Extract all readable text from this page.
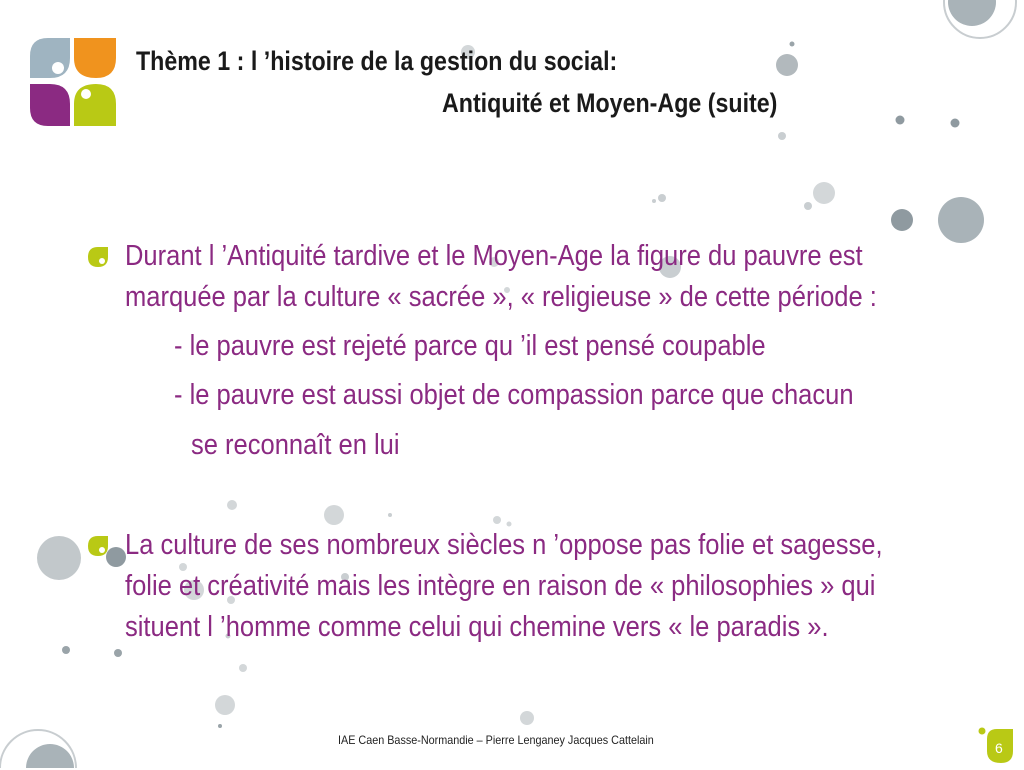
Thème 1 : l ’histoire de la gestion du social:
Antiquité et Moyen-Age (suite)

Durant l ’Antiquité tardive et le Moyen-Age la figure du pauvre est

marquée par la culture « sacrée », « religieuse » de cette période :

- le pauvre est rejeté parce qu ’il est pensé coupable

- le pauvre est aussi objet de compassion parce que chacun

se reconnaît en lui

La culture de ses nombreux siècles n ’oppose pas folie et sagesse,

folie et créativité mais les intègre en raison de « philosophies » qui

situent l ’homme comme celui qui chemine vers « le paradis ».

IAE Caen Basse-Normandie – Pierre Lenganey Jacques Cattelain	6
